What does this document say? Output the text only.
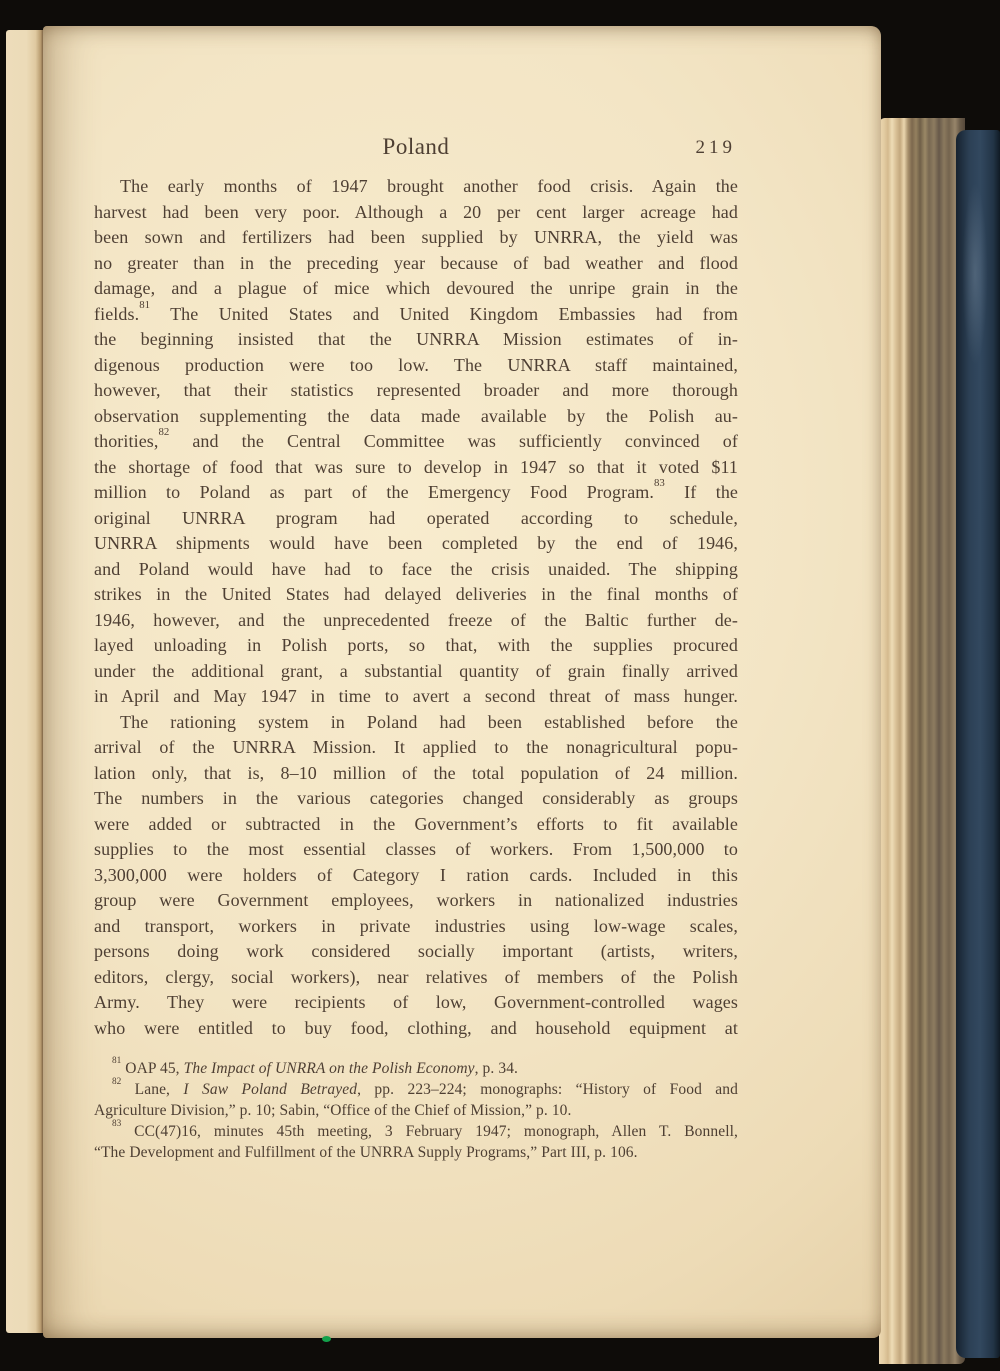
Poland	219
The early months of 1947 brought another food crisis. Again the
harvest had been very poor. Although a 20 per cent larger acreage had
been sown and fertilizers had been supplied by UNRRA, the yield was
no greater than in the preceding year because of bad weather and flood
damage, and a plague of mice which devoured the unripe grain in the
fields.$^{81}$ The United States and United Kingdom Embassies had from
the beginning insisted that the UNRRA Mission estimates of in-
digenous production were too low. The UNRRA staff maintained,
however, that their statistics represented broader and more thorough
observation supplementing the data made available by the Polish au-
thorities,$^{82}$ and the Central Committee was sufficiently convinced of
the shortage of food that was sure to develop in 1947 so that it voted $11
million to Poland as part of the Emergency Food Program.$^{83}$ If the
original UNRRA program had operated according to schedule,
UNRRA shipments would have been completed by the end of 1946,
and Poland would have had to face the crisis unaided. The shipping
strikes in the United States had delayed deliveries in the final months of
1946, however, and the unprecedented freeze of the Baltic further de-
layed unloading in Polish ports, so that, with the supplies procured
under the additional grant, a substantial quantity of grain finally arrived
in April and May 1947 in time to avert a second threat of mass hunger.
The rationing system in Poland had been established before the
arrival of the UNRRA Mission. It applied to the nonagricultural popu-
lation only, that is, 8–10 million of the total population of 24 million.
The numbers in the various categories changed considerably as groups
were added or subtracted in the Government’s efforts to fit available
supplies to the most essential classes of workers. From 1,500,000 to
3,300,000 were holders of Category I ration cards. Included in this
group were Government employees, workers in nationalized industries
and transport, workers in private industries using low-wage scales,
persons doing work considered socially important (artists, writers,
editors, clergy, social workers), near relatives of members of the Polish
Army. They were recipients of low, Government-controlled wages
who were entitled to buy food, clothing, and household equipment at
$^{81}$ OAP 45, The Impact of UNRRA on the Polish Economy, p. 34.
$^{82}$ Lane, I Saw Poland Betrayed, pp. 223–224; monographs: “History of Food and
Agriculture Division,” p. 10; Sabin, “Office of the Chief of Mission,” p. 10.
$^{83}$ CC(47)16, minutes 45th meeting, 3 February 1947; monograph, Allen T. Bonnell,
“The Development and Fulfillment of the UNRRA Supply Programs,” Part III, p. 106.
